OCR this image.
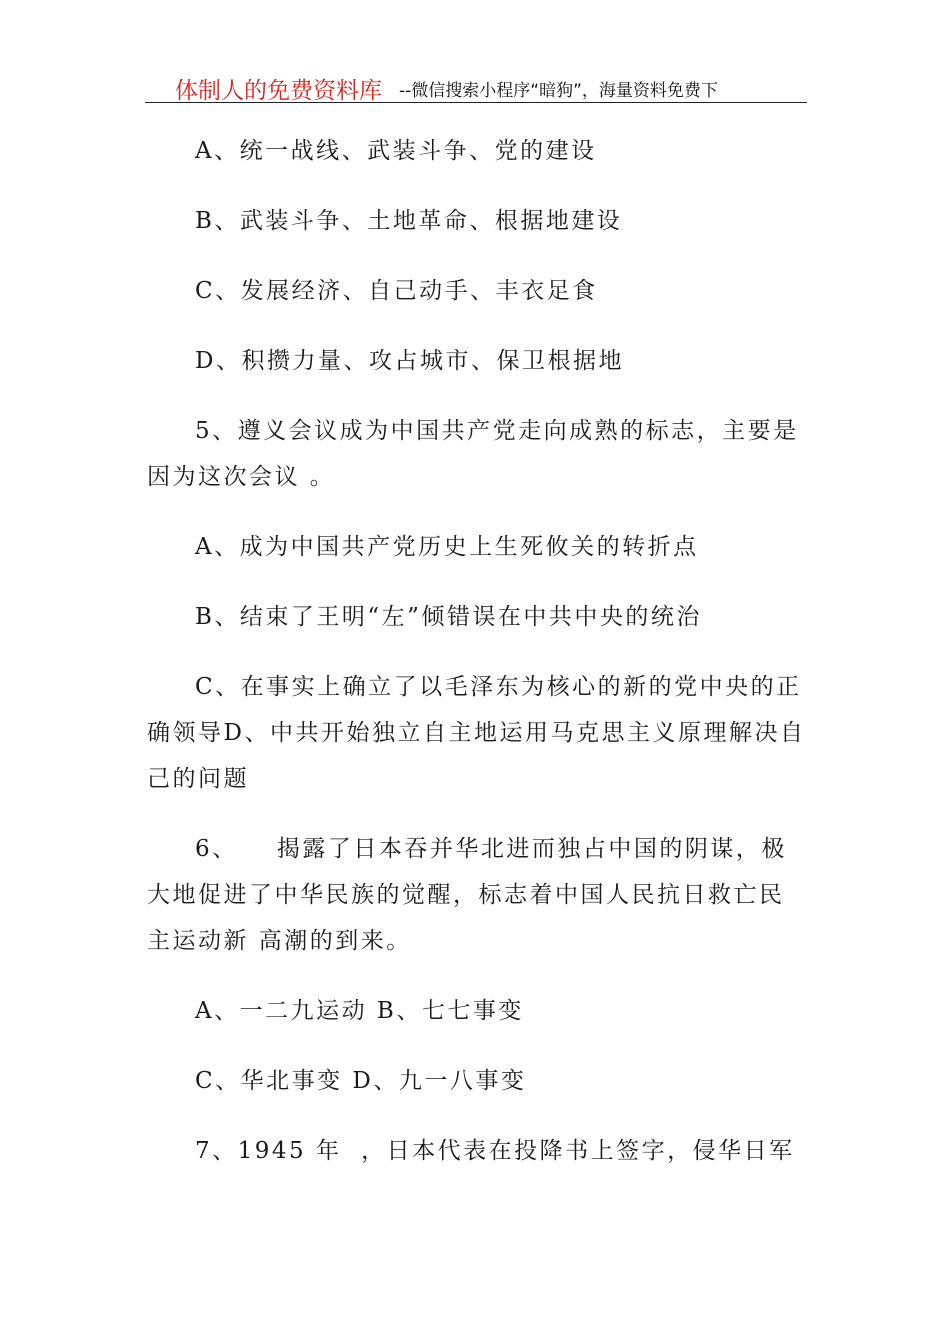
体制人的免费资料库 --微信搜索小程序“暗狗”，海量资料免费下

A、统一战线、武装斗争、党的建设

B、武装斗争、土地革命、根据地建设

C、发展经济、自己动手、丰衣足食

D、积攒力量、攻占城市、保卫根据地

5、遵义会议成为中国共产党走向成熟的标志，主要是因为这次会议 。

A、成为中国共产党历史上生死攸关的转折点

B、结束了王明“左”倾错误在中共中央的统治

C、在事实上确立了以毛泽东为核心的新的党中央的正确领导D、中共开始独立自主地运用马克思主义原理解决自己的问题

6、    揭露了日本吞并华北进而独占中国的阴谋，极大地促进了中华民族的觉醒，标志着中国人民抗日救亡民主运动新 高潮的到来。

A、一二九运动 B、七七事变

C、华北事变 D、九一八事变

7、1945 年  ，日本代表在投降书上签字，侵华日军
